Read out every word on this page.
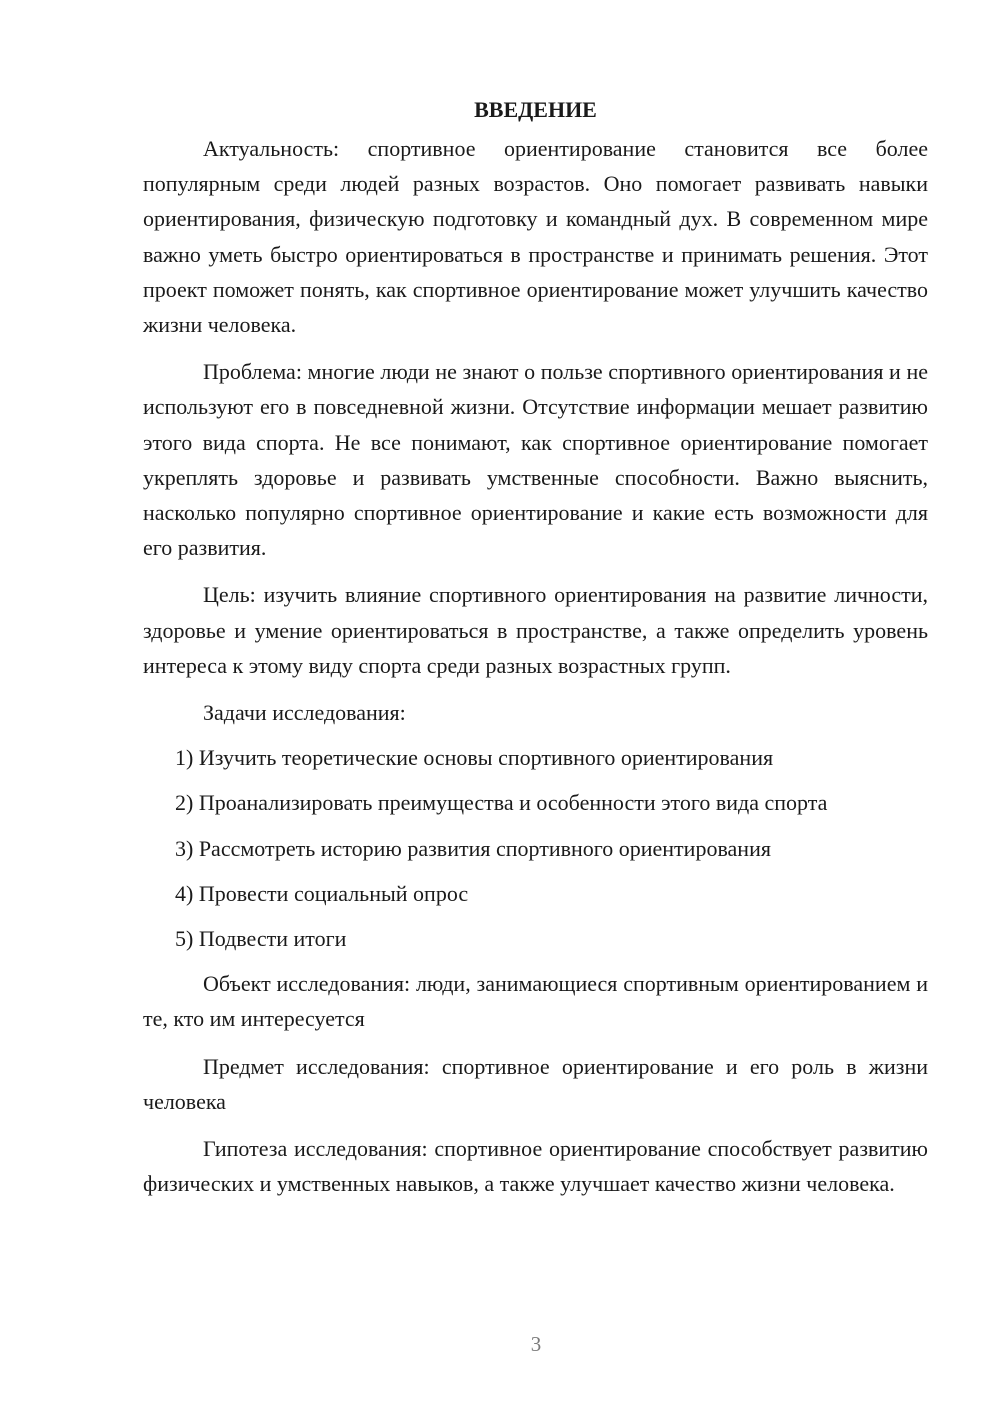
ВВЕДЕНИЕ

Актуальность: спортивное ориентирование становится все более популярным среди людей разных возрастов. Оно помогает развивать навыки ориентирования, физическую подготовку и командный дух. В современном мире важно уметь быстро ориентироваться в пространстве и принимать решения. Этот проект поможет понять, как спортивное ориентирование может улучшить качество жизни человека.

Проблема: многие люди не знают о пользе спортивного ориентирования и не используют его в повседневной жизни. Отсутствие информации мешает развитию этого вида спорта. Не все понимают, как спортивное ориентирование помогает укреплять здоровье и развивать умственные способности. Важно выяснить, насколько популярно спортивное ориентирование и какие есть возможности для его развития.

Цель: изучить влияние спортивного ориентирования на развитие личности, здоровье и умение ориентироваться в пространстве, а также определить уровень интереса к этому виду спорта среди разных возрастных групп.

Задачи исследования:

1) Изучить теоретические основы спортивного ориентирования
2) Проанализировать преимущества и особенности этого вида спорта
3) Рассмотреть историю развития спортивного ориентирования
4) Провести социальный опрос
5) Подвести итоги

Объект исследования: люди, занимающиеся спортивным ориентированием и те, кто им интересуется

Предмет исследования: спортивное ориентирование и его роль в жизни человека

Гипотеза исследования: спортивное ориентирование способствует развитию физических и умственных навыков, а также улучшает качество жизни человека.

3
